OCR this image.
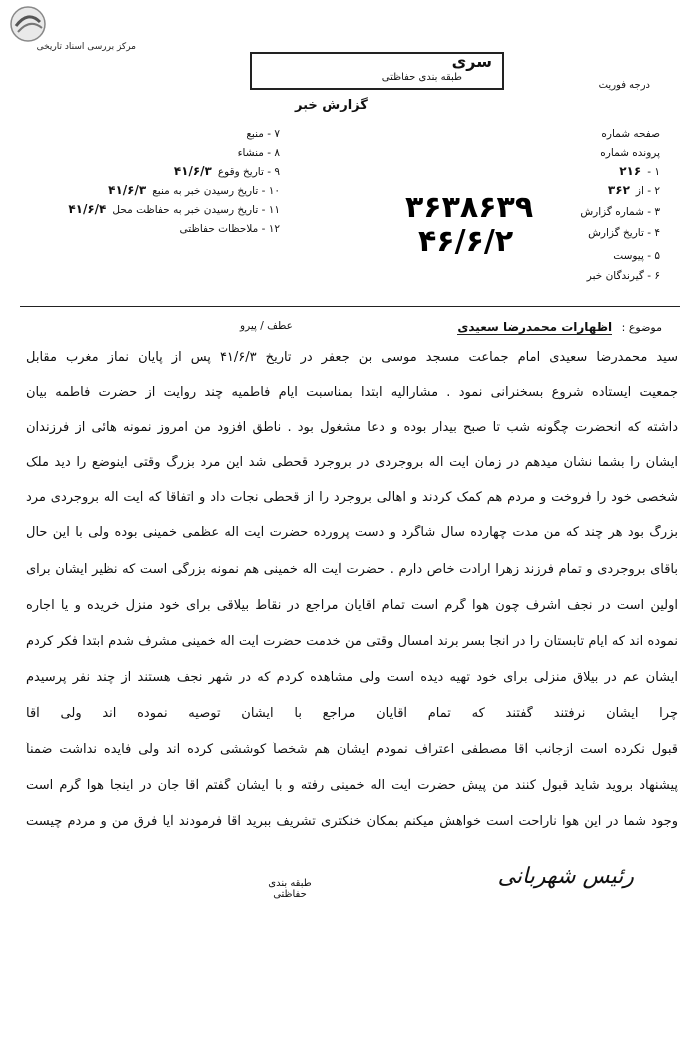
مرکز بررسی اسناد تاریخی
سری
طبقه بندی حفاظتی
درجه فوریت
گزارش خبر
صفحه شماره
پرونده شماره
۱ -۲۱۶
۲ - از۳۶۲
۳ - شماره گزارش
۴ - تاریخ گزارش
۵ - پیوست
۶ - گیرندگان خبر
۷ - منبع
۸ - منشاء
۹ - تاریخ وقوع۴۱/۶/۳
۱۰ - تاریخ رسیدن خبر به منبع۴۱/۶/۳
۱۱ - تاریخ رسیدن خبر به حفاظت محل۴۱/۶/۴
۱۲ - ملاحظات حفاظتی
۳۶۳۸۶۳۹
۴۶/۶/۲
موضوع : اظهارات محمدرضا سعیدی
عطف / پیرو
سید محمدرضا سعیدی امام جماعت مسجد موسی بن جعفر در تاریخ ۴۱/۶/۳ پس از پایان نماز مغرب مقابل
جمعیت ایستاده شروع بسخنرانی نمود . مشارالیه ابتدا بمناسبت ایام فاطمیه چند روایت از حضرت فاطمه بیان
داشته که آنحضرت چگونه شب تا صبح بیدار بوده و دعا مشغول بود . ناطق افزود من امروز نمونه هائی از فرزندان
ایشان را بشما نشان میدهم در زمان آیت اله بروجردی در بروجرد قحطی شد این مرد بزرگ وقتی اینوضع را دید ملک
شخصی خود را فروخت و مردم هم کمک کردند و اهالی بروجرد را از قحطی نجات داد و اتفاقاً که آیت اله بروجردی مرد
بزرگ بود هر چند که من مدت چهارده سال شاگرد و دست پرورده حضرت آیت اله عظمی خمینی بوده ولی با این حال
باقای بروجردی و تمام فرزند زهرا ارادت خاص دارم . حضرت آیت اله خمینی هم نمونه بزرگی است که نظیر ایشان برای
اولین است در نجف اشرف چون هوا گرم است تمام آقایان مراجع در نقاط بیلاقی برای خود منزل خریده و یا اجاره
نموده اند که ایام تابستان را در آنجا بسر برند امسال وقتی من خدمت حضرت آیت اله خمینی مشرف شدم ابتدا فکر کردم
ایشان عم در بیلاق منزلی برای خود تهیه دیده است ولی مشاهده کردم که در شهر نجف هستند از چند نفر پرسیدم
چرا ایشان نرفتند گفتند که تمام آقایان مراجع با ایشان توصیه نموده اند ولی آقا
قبول نکرده است ازجانب آقا مصطفی اعتراف نمودم ایشان هم شخصاً کوششی کرده اند ولی فایده نداشت ضمناً
پیشنهاد بروید شاید قبول کنند من پیش حضرت آیت اله خمینی رفته و با ایشان گفتم آقا جان در اینجا هوا گرم است
وجود شما در این هوا ناراحت است خواهش میکنم بمکان خنکتری تشریف ببرید آقا فرمودند آیا فرق من و مردم چیست
طبقه بندی حفاظتی
رئیس شهربانی
